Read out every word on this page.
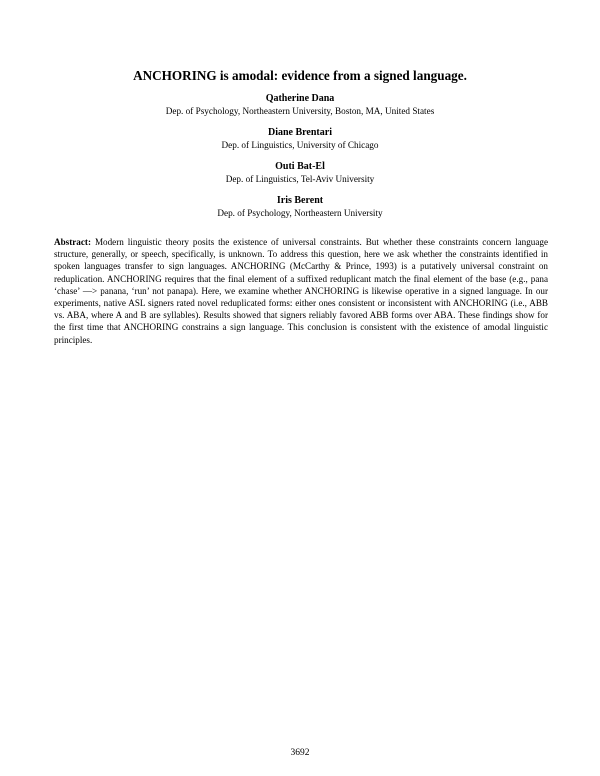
ANCHORING is amodal: evidence from a signed language.
Qatherine Dana
Dep. of Psychology, Northeastern University, Boston, MA, United States
Diane Brentari
Dep. of Linguistics, University of Chicago
Outi Bat-El
Dep. of Linguistics, Tel-Aviv University
Iris Berent
Dep. of Psychology, Northeastern University
Abstract: Modern linguistic theory posits the existence of universal constraints. But whether these constraints concern language structure, generally, or speech, specifically, is unknown. To address this question, here we ask whether the constraints identified in spoken languages transfer to sign languages. ANCHORING (McCarthy & Prince, 1993) is a putatively universal constraint on reduplication. ANCHORING requires that the final element of a suffixed reduplicant match the final element of the base (e.g., pana ‘chase’ —> panana, ‘run’ not panapa). Here, we examine whether ANCHORING is likewise operative in a signed language. In our experiments, native ASL signers rated novel reduplicated forms: either ones consistent or inconsistent with ANCHORING (i.e., ABB vs. ABA, where A and B are syllables). Results showed that signers reliably favored ABB forms over ABA. These findings show for the first time that ANCHORING constrains a sign language. This conclusion is consistent with the existence of amodal linguistic principles.
3692
